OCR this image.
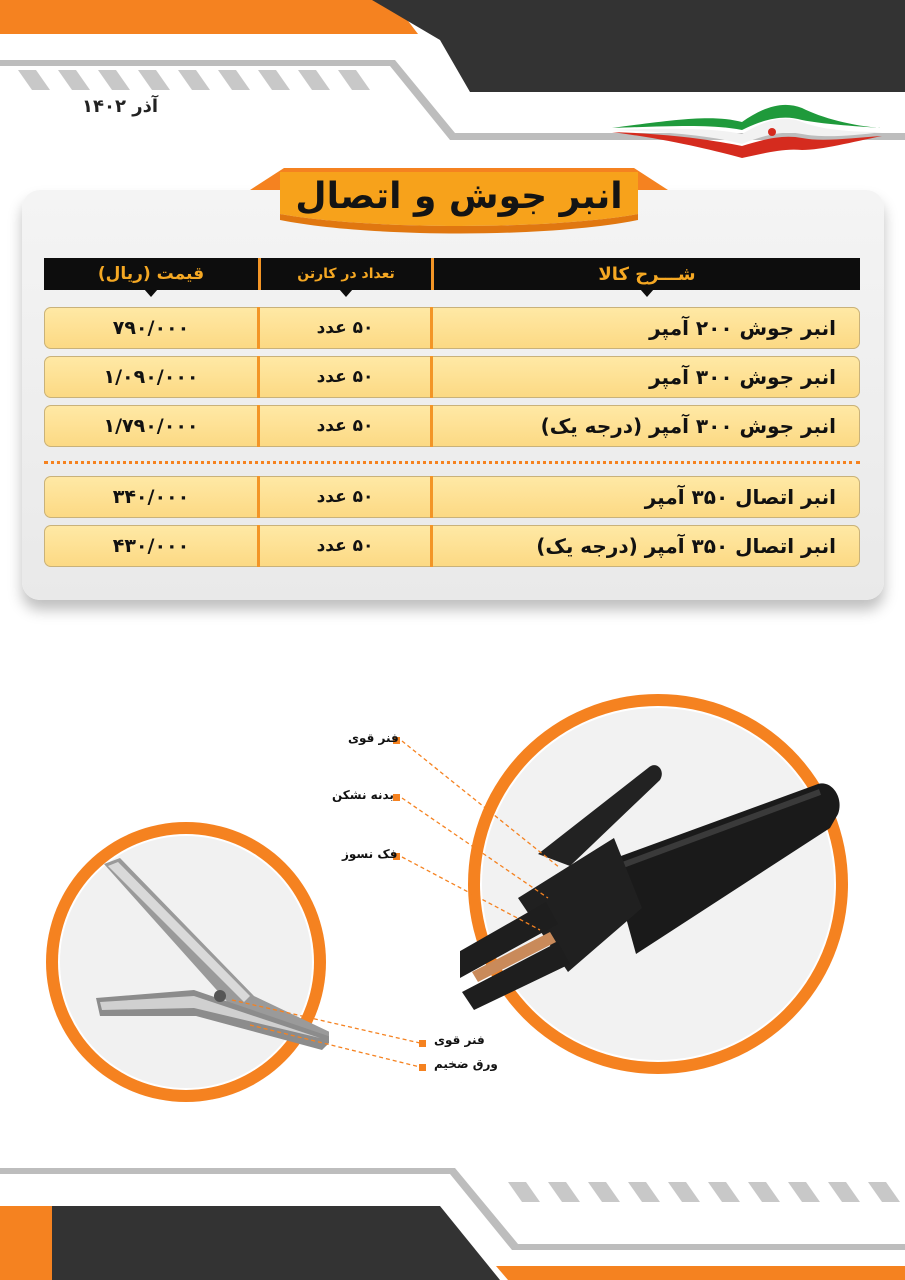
آذر ۱۴۰۲
انبر جوش و اتصال
قیمت (ریال)	تعداد در کارتن	شـــرح کالا
۷۹۰/۰۰۰	۵۰ عدد	انبر جوش ۲۰۰ آمپر
۱/۰۹۰/۰۰۰	۵۰ عدد	انبر جوش ۳۰۰ آمپر
۱/۷۹۰/۰۰۰	۵۰ عدد	انبر جوش ۳۰۰ آمپر (درجه یک)
۳۴۰/۰۰۰	۵۰ عدد	انبر اتصال ۳۵۰ آمپر
۴۳۰/۰۰۰	۵۰ عدد	انبر اتصال ۳۵۰ آمپر (درجه یک)
فنر قوی
بدنه نشکن
فک نسوز
فنر قوی
ورق ضخیم
